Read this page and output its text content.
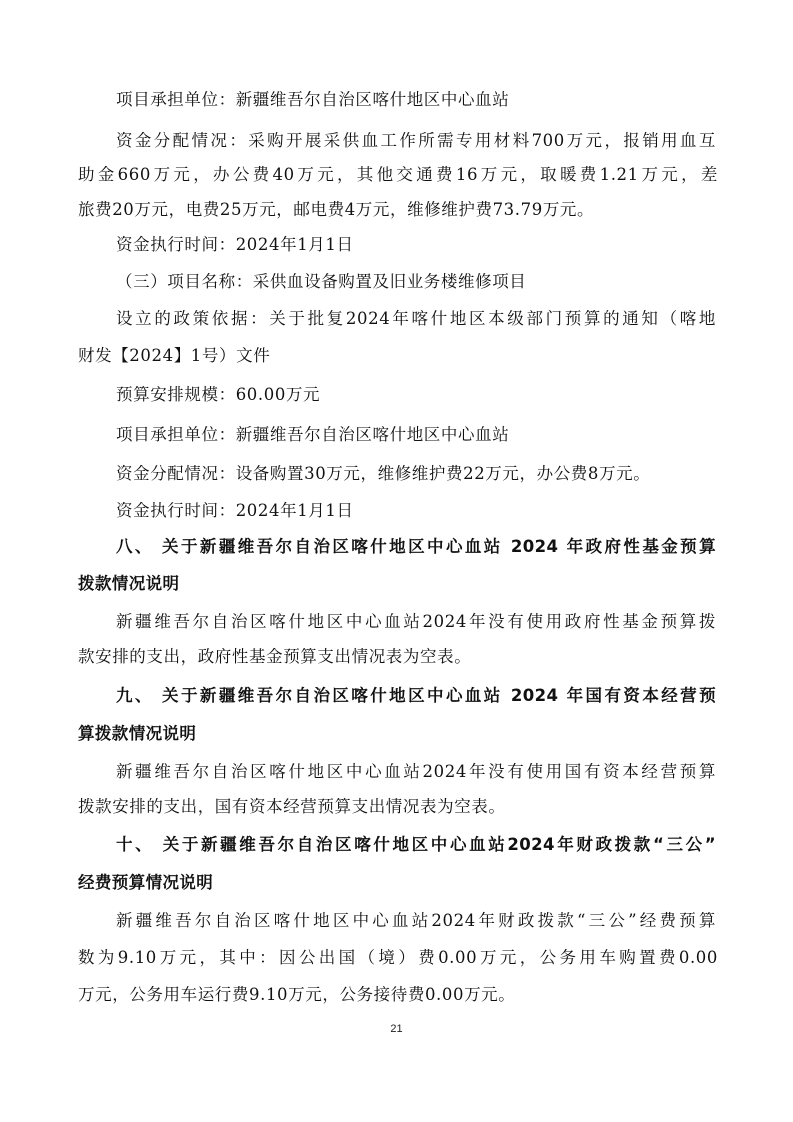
项目承担单位：新疆维吾尔自治区喀什地区中心血站
资金分配情况：采购开展采供血工作所需专用材料700万元，报销用血互
助金660万元，办公费40万元，其他交通费16万元，取暖费1.21万元，差
旅费20万元，电费25万元，邮电费4万元，维修维护费73.79万元。
资金执行时间：2024年1月1日
（三）项目名称：采供血设备购置及旧业务楼维修项目
设立的政策依据：关于批复2024年喀什地区本级部门预算的通知（喀地
财发【2024】1号）文件
预算安排规模：60.00万元
项目承担单位：新疆维吾尔自治区喀什地区中心血站
资金分配情况：设备购置30万元，维修维护费22万元，办公费8万元。
资金执行时间：2024年1月1日
八、 关于新疆维吾尔自治区喀什地区中心血站 2024 年政府性基金预算
拨款情况说明
新疆维吾尔自治区喀什地区中心血站2024年没有使用政府性基金预算拨
款安排的支出，政府性基金预算支出情况表为空表。
九、 关于新疆维吾尔自治区喀什地区中心血站 2024 年国有资本经营预
算拨款情况说明
新疆维吾尔自治区喀什地区中心血站2024年没有使用国有资本经营预算
拨款安排的支出，国有资本经营预算支出情况表为空表。
十、 关于新疆维吾尔自治区喀什地区中心血站2024年财政拨款“三公”
经费预算情况说明
新疆维吾尔自治区喀什地区中心血站2024年财政拨款“三公”经费预算
数为9.10万元，其中：因公出国（境）费0.00万元，公务用车购置费0.00
万元，公务用车运行费9.10万元，公务接待费0.00万元。
21
